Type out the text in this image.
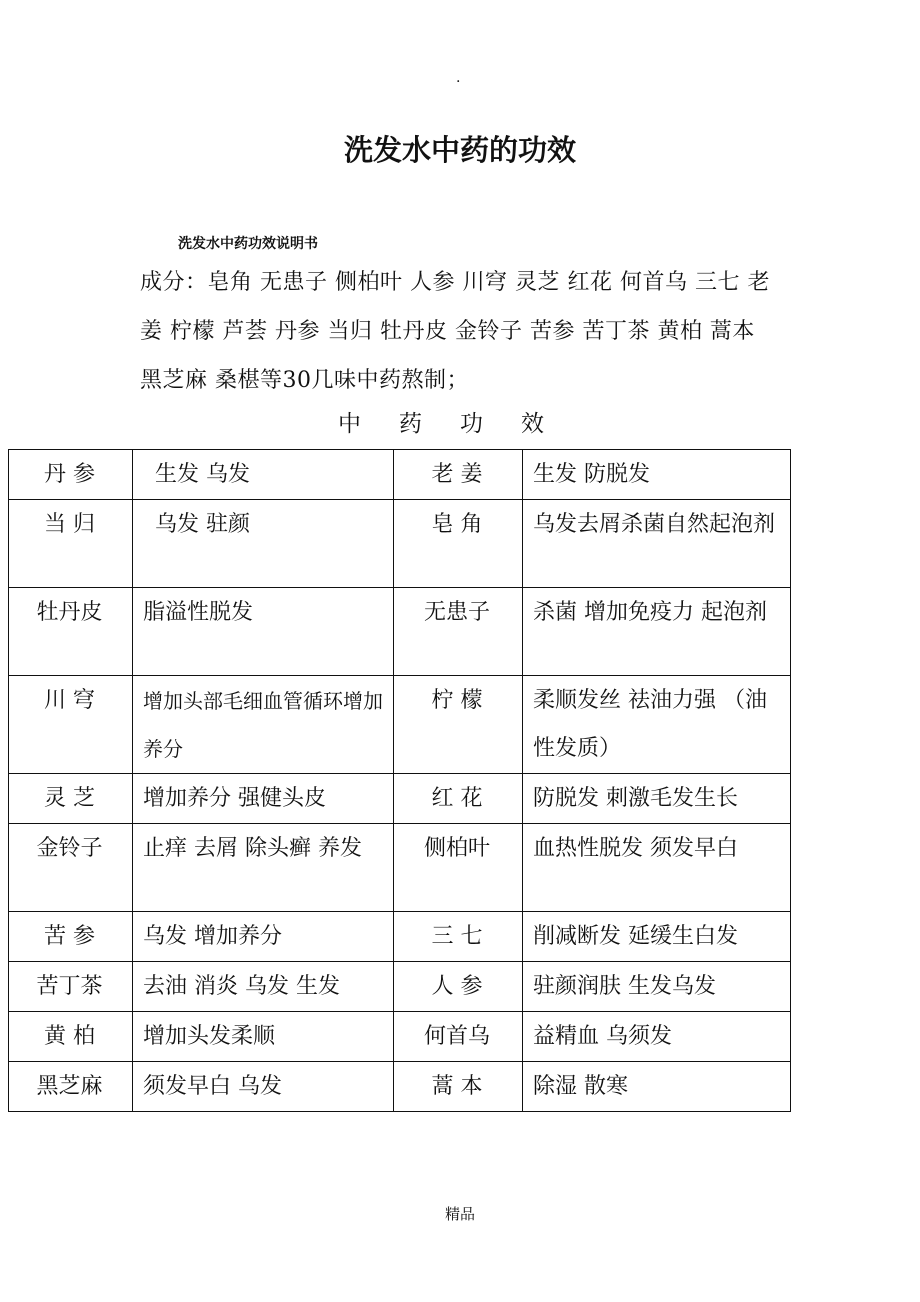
.
洗发水中药的功效
洗发水中药功效说明书
成分：皂角 无患子 侧柏叶 人参 川穹 灵芝 红花 何首乌 三七 老姜 柠檬 芦荟 丹参 当归 牡丹皮 金铃子 苦参 苦丁茶 黄柏 蒿本 黑芝麻 桑椹等30几味中药熬制；
中 药 功 效
丹 参	生发 乌发	老 姜	生发 防脱发
当 归	乌发 驻颜	皂 角	乌发去屑杀菌自然起泡剂
牡丹皮	脂溢性脱发	无患子	杀菌 增加免疫力 起泡剂
川 穹	增加头部毛细血管循环增加养分	柠 檬	柔顺发丝 祛油力强 （油性发质）
灵 芝	增加养分 强健头皮	红 花	防脱发 刺激毛发生长
金铃子	止痒 去屑 除头癣 养发	侧柏叶	血热性脱发 须发早白
苦 参	乌发 增加养分	三 七	削减断发 延缓生白发
苦丁茶	去油 消炎 乌发 生发	人 参	驻颜润肤 生发乌发
黄 柏	增加头发柔顺	何首乌	益精血 乌须发
黑芝麻	须发早白 乌发	蒿 本	除湿 散寒
精品
